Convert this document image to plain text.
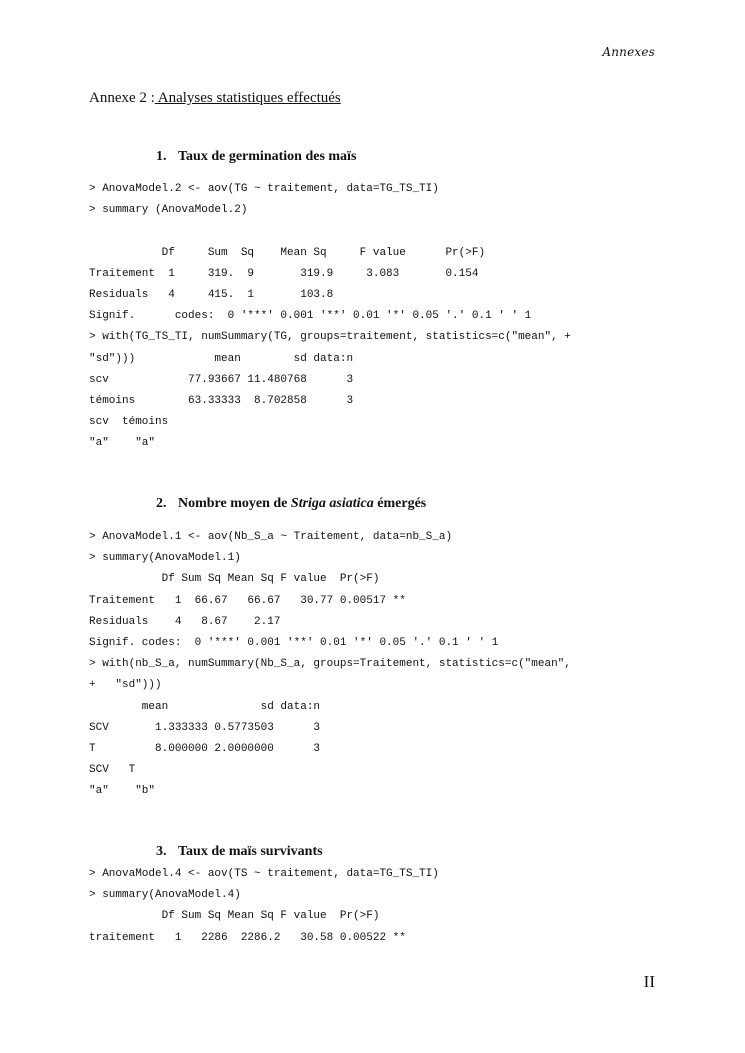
Annexes
Annexe 2 : Analyses statistiques effectués
1. Taux de germination des maïs
> AnovaModel.2 <- aov(TG ~ traitement, data=TG_TS_TI)
> summary (AnovaModel.2)

Df     Sum  Sq    Mean Sq     F value      Pr(>F)
Traitement  1     319.  9       319.9     3.083       0.154
Residuals   4     415.  1       103.8
Signif.      codes:  0 '***' 0.001 '**' 0.01 '*' 0.05 '.' 0.1 ' ' 1
> with(TG_TS_TI, numSummary(TG, groups=traitement, statistics=c("mean", +
"sd")))            mean        sd data:n
scv            77.93667 11.480768      3
témoins        63.33333  8.702858      3
scv  témoins
"a"    "a"
2. Nombre moyen de Striga asiatica émergés
> AnovaModel.1 <- aov(Nb_S_a ~ Traitement, data=nb_S_a)
> summary(AnovaModel.1)
Df Sum Sq Mean Sq F value  Pr(>F)
Traitement   1  66.67   66.67   30.77 0.00517 **
Residuals    4   8.67    2.17
Signif. codes:  0 '***' 0.001 '**' 0.01 '*' 0.05 '.' 0.1 ' ' 1
> with(nb_S_a, numSummary(Nb_S_a, groups=Traitement, statistics=c("mean",
+   "sd")))
mean              sd data:n
SCV       1.333333 0.5773503      3
T         8.000000 2.0000000      3
SCV   T
"a"    "b"
3. Taux de maïs survivants
> AnovaModel.4 <- aov(TS ~ traitement, data=TG_TS_TI)
> summary(AnovaModel.4)
Df Sum Sq Mean Sq F value  Pr(>F)
traitement   1   2286  2286.2   30.58 0.00522 **
II
